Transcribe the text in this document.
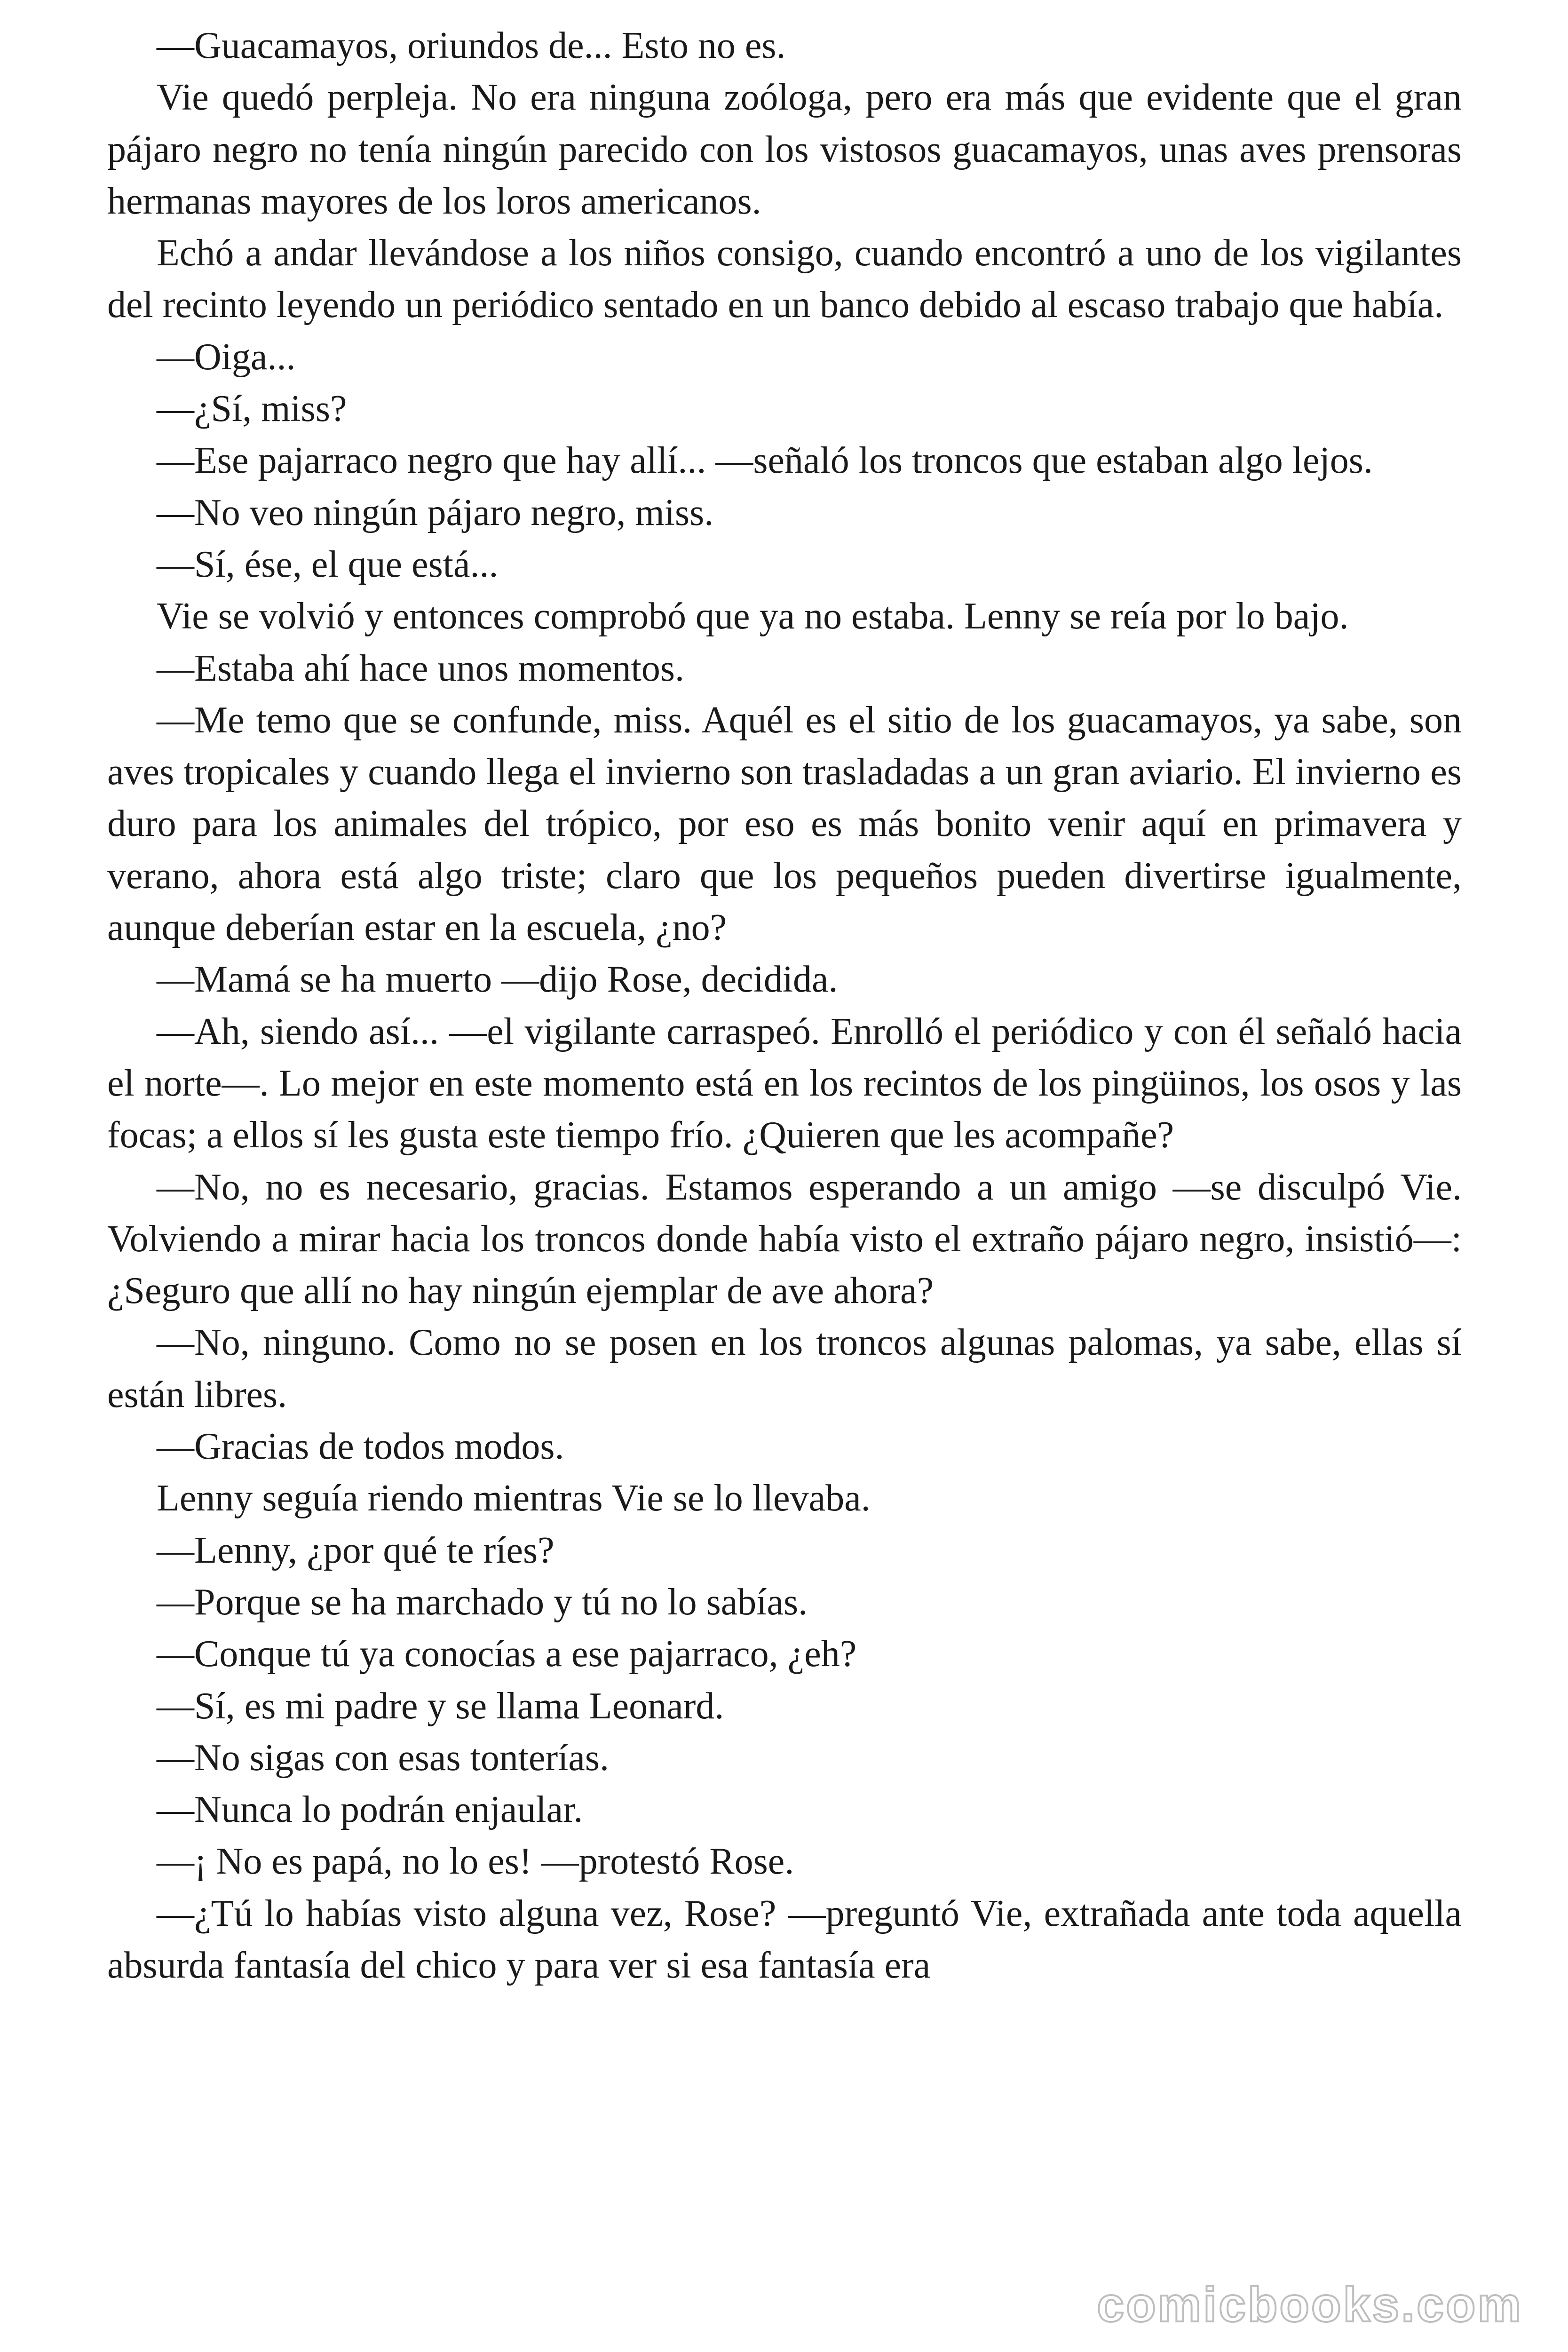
—Guacamayos, oriundos de... Esto no es.

Vie quedó perpleja. No era ninguna zoóloga, pero era más que evidente que el gran pájaro negro no tenía ningún parecido con los vistosos guacamayos, unas aves prensoras hermanas mayores de los loros americanos.

Echó a andar llevándose a los niños consigo, cuando encontró a uno de los vigilantes del recinto leyendo un periódico sentado en un banco debido al escaso trabajo que había.

—Oiga...

—¿Sí, miss?

—Ese pajarraco negro que hay allí... —señaló los troncos que estaban algo lejos.

—No veo ningún pájaro negro, miss.

—Sí, ése, el que está...

Vie se volvió y entonces comprobó que ya no estaba. Lenny se reía por lo bajo.

—Estaba ahí hace unos momentos.

—Me temo que se confunde, miss. Aquél es el sitio de los guacamayos, ya sabe, son aves tropicales y cuando llega el invierno son trasladadas a un gran aviario. El invierno es duro para los animales del trópico, por eso es más bonito venir aquí en primavera y verano, ahora está algo triste; claro que los pequeños pueden divertirse igualmente, aunque deberían estar en la escuela, ¿no?

—Mamá se ha muerto —dijo Rose, decidida.

—Ah, siendo así... —el vigilante carraspeó. Enrolló el periódico y con él señaló hacia el norte—. Lo mejor en este momento está en los recintos de los pingüinos, los osos y las focas; a ellos sí les gusta este tiempo frío. ¿Quieren que les acompañe?

—No, no es necesario, gracias. Estamos esperando a un amigo —se disculpó Vie. Volviendo a mirar hacia los troncos donde había visto el extraño pájaro negro, insistió—: ¿Seguro que allí no hay ningún ejemplar de ave ahora?

—No, ninguno. Como no se posen en los troncos algunas palomas, ya sabe, ellas sí están libres.

—Gracias de todos modos.

Lenny seguía riendo mientras Vie se lo llevaba.

—Lenny, ¿por qué te ríes?

—Porque se ha marchado y tú no lo sabías.

—Conque tú ya conocías a ese pajarraco, ¿eh?

—Sí, es mi padre y se llama Leonard.

—No sigas con esas tonterías.

—Nunca lo podrán enjaular.

—¡ No es papá, no lo es! —protestó Rose.

—¿Tú lo habías visto alguna vez, Rose? —preguntó Vie, extrañada ante toda aquella absurda fantasía del chico y para ver si esa fantasía era

comicbooks.com
